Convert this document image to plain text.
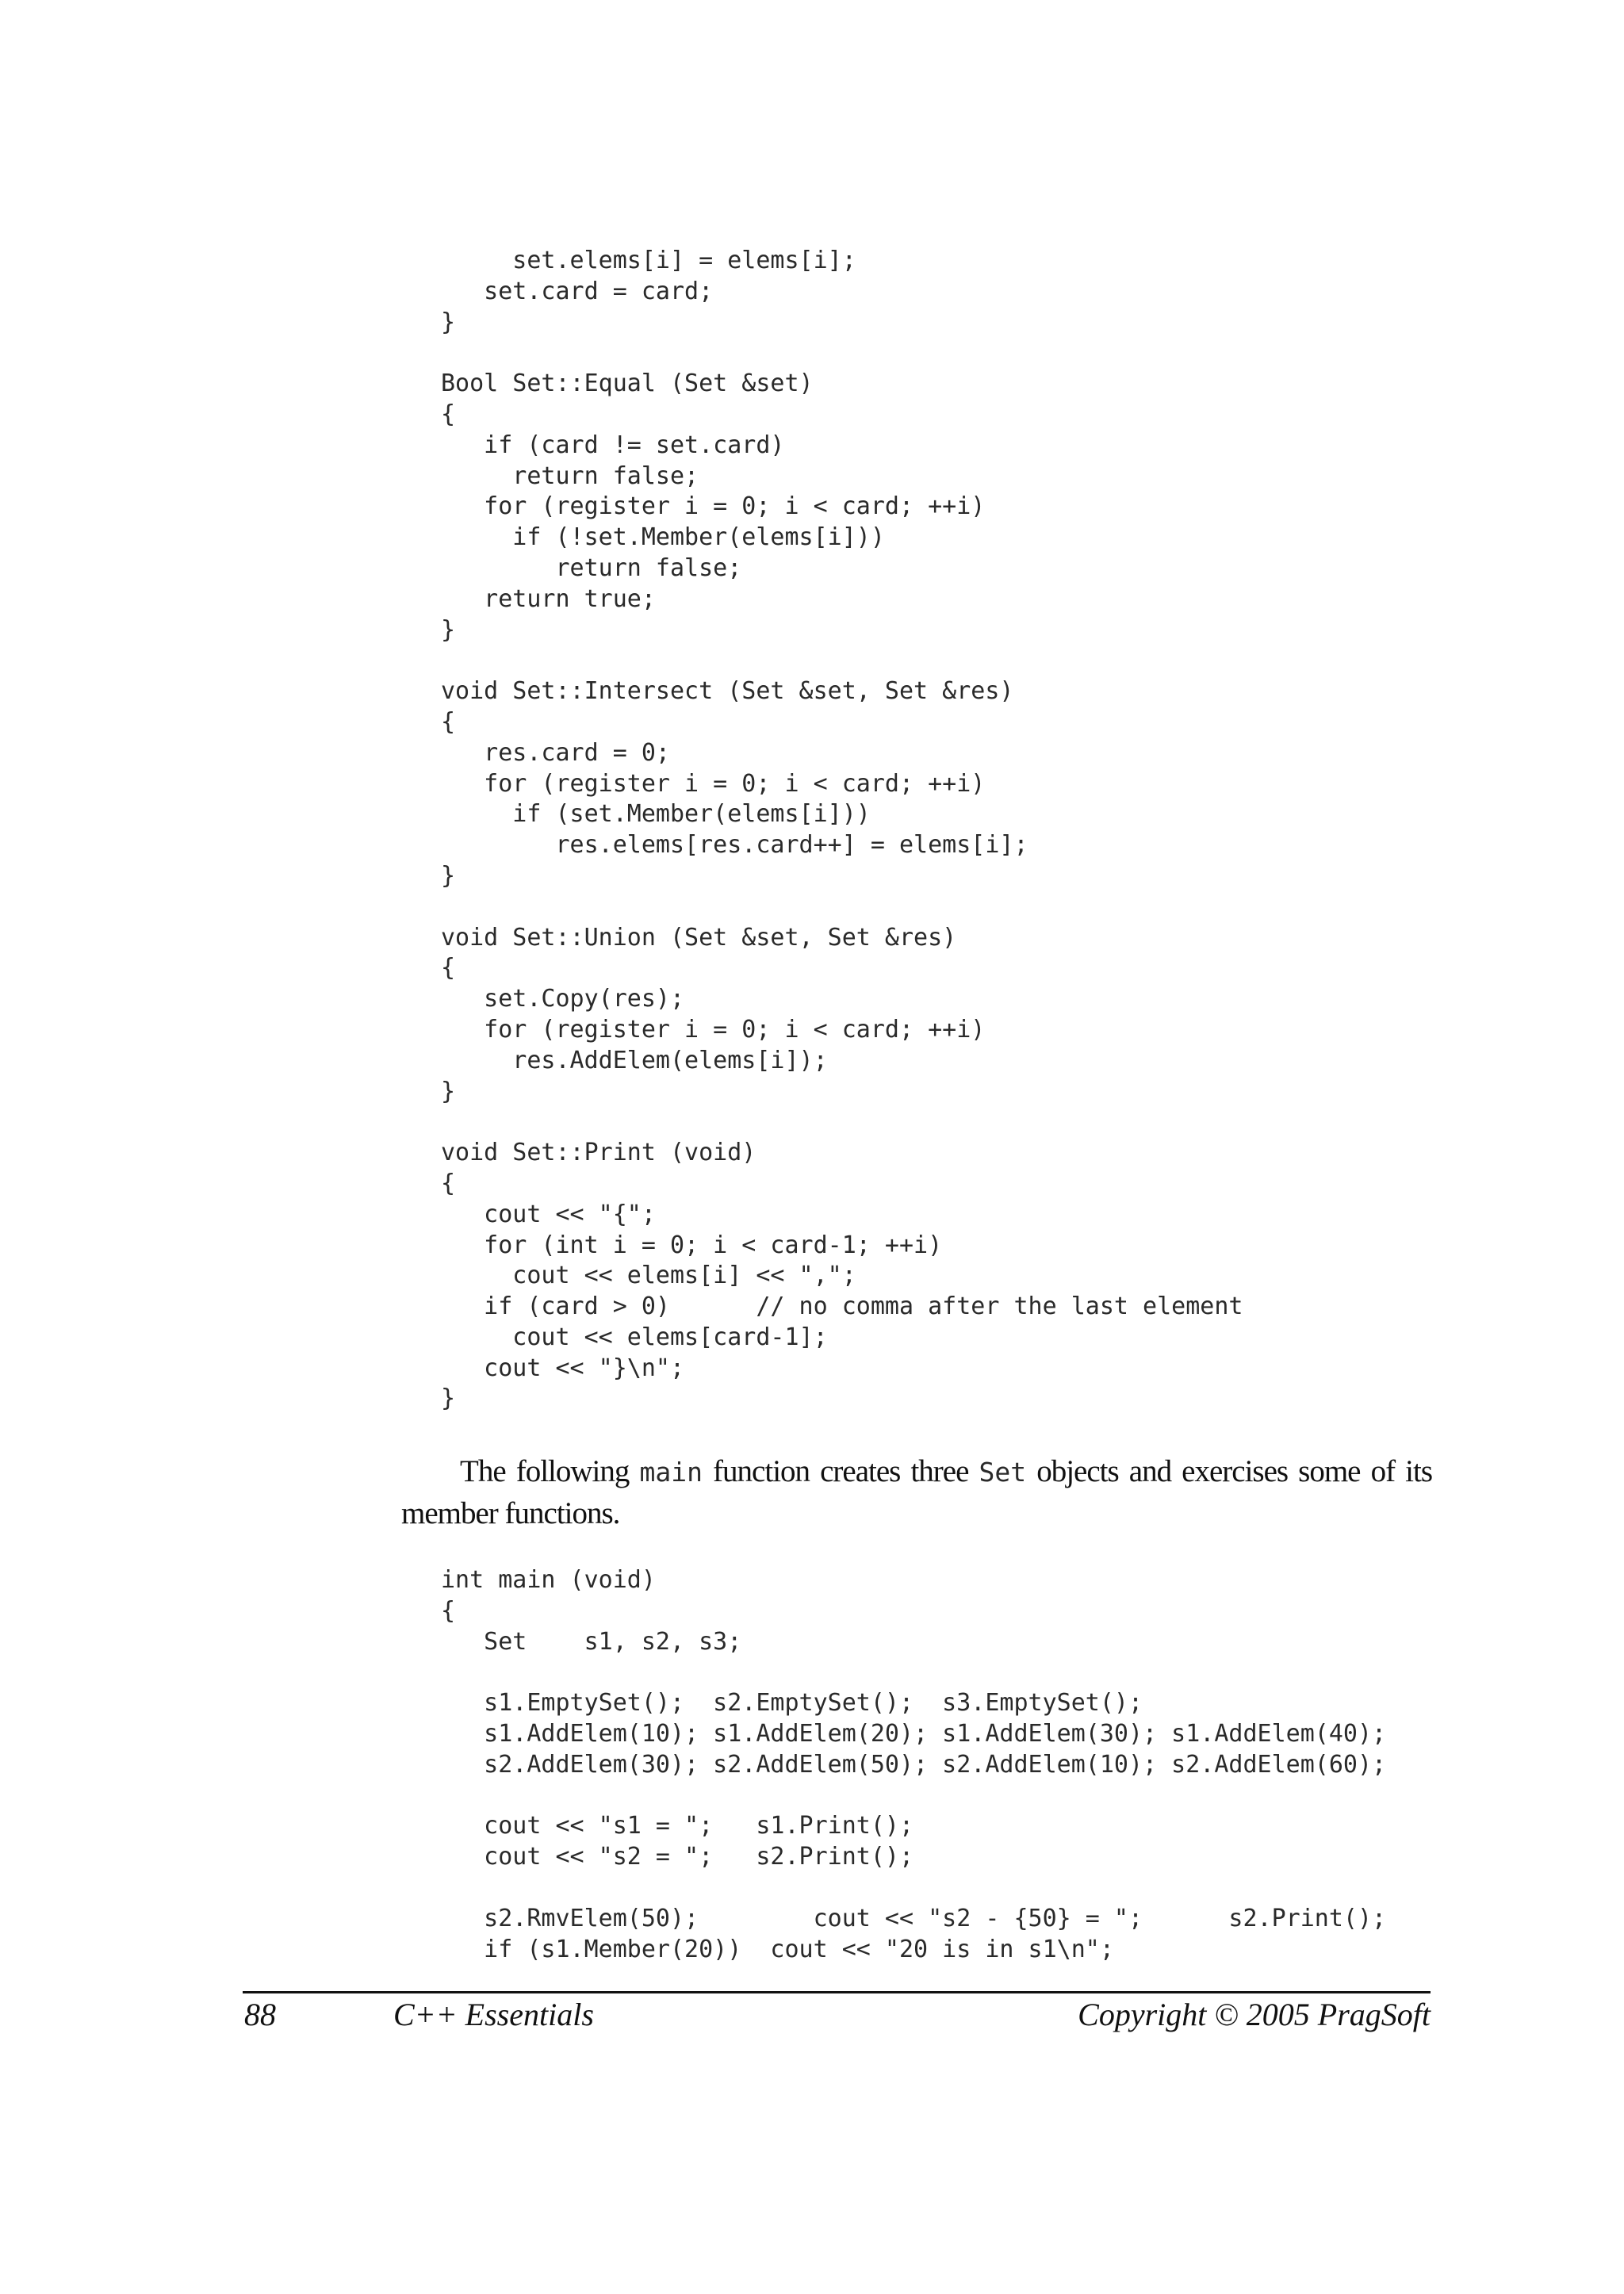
set.elems[i] = elems[i];
set.card = card;
}
Bool Set::Equal (Set &set)
{
if (card != set.card)
return false;
for (register i = 0; i < card; ++i)
if (!set.Member(elems[i]))
return false;
return true;
}
void Set::Intersect (Set &set, Set &res)
{
res.card = 0;
for (register i = 0; i < card; ++i)
if (set.Member(elems[i]))
res.elems[res.card++] = elems[i];
}
void Set::Union (Set &set, Set &res)
{
set.Copy(res);
for (register i = 0; i < card; ++i)
res.AddElem(elems[i]);
}
void Set::Print (void)
{
cout << "{";
for (int i = 0; i < card-1; ++i)
cout << elems[i] << ",";
if (card > 0)      // no comma after the last element
cout << elems[card-1];
cout << "}\n";
}

The following main function creates three Set objects and exercises some of its member functions.

int main (void)
{
Set    s1, s2, s3;
s1.EmptySet();  s2.EmptySet();  s3.EmptySet();
s1.AddElem(10); s1.AddElem(20); s1.AddElem(30); s1.AddElem(40);
s2.AddElem(30); s2.AddElem(50); s2.AddElem(10); s2.AddElem(60);
cout << "s1 = ";   s1.Print();
cout << "s2 = ";   s2.Print();
s2.RmvElem(50);        cout << "s2 - {50} = ";      s2.Print();
if (s1.Member(20))  cout << "20 is in s1\n";
88	C++ Essentials	Copyright © 2005 PragSoft
